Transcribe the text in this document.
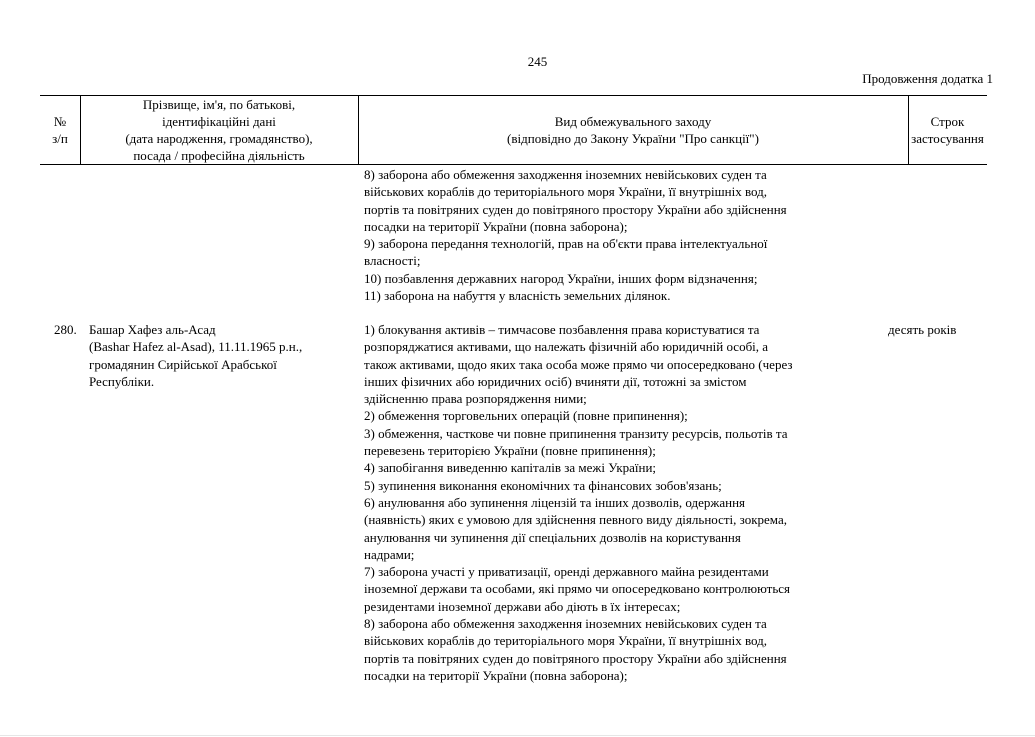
245
Продовження додатка 1
№
з/п
Прізвище, ім'я, по батькові,
ідентифікаційні дані
(дата народження, громадянство),
посада / професійна діяльність
Вид обмежувального заходу
(відповідно до Закону України "Про санкції")
Строк
застосування
8) заборона або обмеження заходження іноземних невійськових суден та
військових кораблів до територіального моря України, її внутрішніх вод,
портів та повітряних суден до повітряного простору України або здійснення
посадки на території України (повна заборона);
9) заборона передання технологій, прав на об'єкти права інтелектуальної
власності;
10) позбавлення державних нагород України, інших форм відзначення;
11) заборона на набуття у власність земельних ділянок.
280. Башар Хафез аль-Асад
(Bashar Hafez al-Asad), 11.11.1965 р.н.,
громадянин Сирійської Арабської
Республіки.
1) блокування активів – тимчасове позбавлення права користуватися та
розпоряджатися активами, що належать фізичній або юридичній особі, а
також активами, щодо яких така особа може прямо чи опосередковано (через
інших фізичних або юридичних осіб) вчиняти дії, тотожні за змістом
здійсненню права розпорядження ними;
2) обмеження торговельних операцій (повне припинення);
3) обмеження, часткове чи повне припинення транзиту ресурсів, польотів та
перевезень територією України (повне припинення);
4) запобігання виведенню капіталів за межі України;
5) зупинення виконання економічних та фінансових зобов'язань;
6) анулювання або зупинення ліцензій та інших дозволів, одержання
(наявність) яких є умовою для здійснення певного виду діяльності, зокрема,
анулювання чи зупинення дії спеціальних дозволів на користування
надрами;
7) заборона участі у приватизації, оренді державного майна резидентами
іноземної держави та особами, які прямо чи опосередковано контролюються
резидентами іноземної держави або діють в їх інтересах;
8) заборона або обмеження заходження іноземних невійськових суден та
військових кораблів до територіального моря України, її внутрішніх вод,
портів та повітряних суден до повітряного простору України або здійснення
посадки на території України (повна заборона);
десять років
